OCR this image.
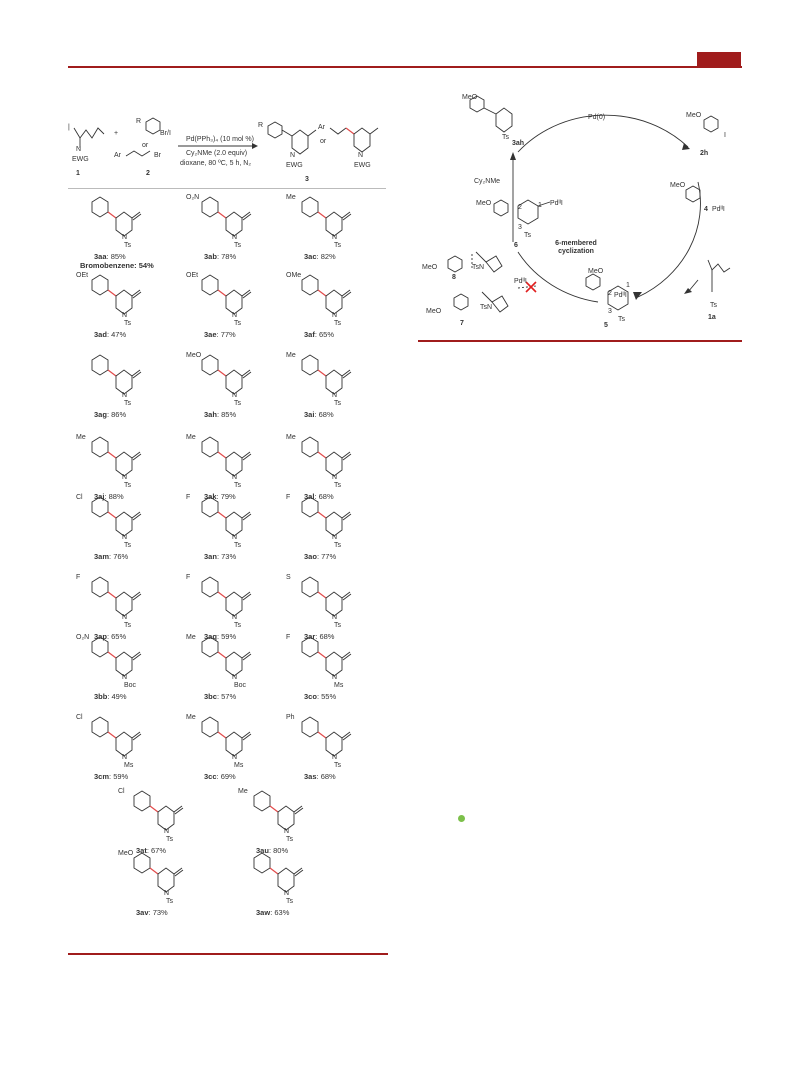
|
N
EWG
1
+
R
Br/I
or
Ar	Br
2
Pd(PPh₃)₄ (10 mol %)
Cy₂NMe (2.0 equiv)
dioxane, 80 ºC, 5 h, N₂
R
N
EWG
or
Ar
N
EWG
3
N
Ts
3aa: 85%
Bromobenzene: 54%
O₂N
N
Ts
3ab: 78%
Me
N
Ts
3ac: 82%
OEt
N
Ts
3ad: 47%
OEt
N
Ts
3ae: 77%
OMe
N
Ts
3af: 65%
N
Ts
3ag: 86%
MeO
N
Ts
3ah: 85%
Me
N
Ts
3ai: 68%
Me
N
Ts
3aj: 88%
Me
N
Ts
3ak: 79%
Me
N
Ts
3al: 68%
Cl
N
Ts
3am: 76%
F
N
Ts
3an: 73%
F
N
Ts
3ao: 77%
F
N
Ts
3ap: 65%
F
N
Ts
3aq: 59%
S
N
Ts
3ar: 68%
O₂N
N
Boc
3bb: 49%
Me
N
Boc
3bc: 57%
F
N
Ms
3co: 55%
Cl
N
Ms
3cm: 59%
Me
N
Ms
3cc: 69%
Ph
N
Ts
3as: 68%
Cl
N
Ts
3at: 67%
Me
N
Ts
3au: 80%
MeO
N
Ts
3av: 73%
N
Ts
3aw: 63%
MeO
3ah
Ts
Pd(0)	MeO
I
2h
Cy₂NMe
MeO
4 PdᴵᴵI
MeO	PdᴵᴵI
2 1
3
Ts
6	6-membered cyclization
MeO	TsN
8
MeO
PdᴵᴵI
1
2
3
Ts
5
Ts
1a
MeO
TsN
PdᴵᴵI
7
